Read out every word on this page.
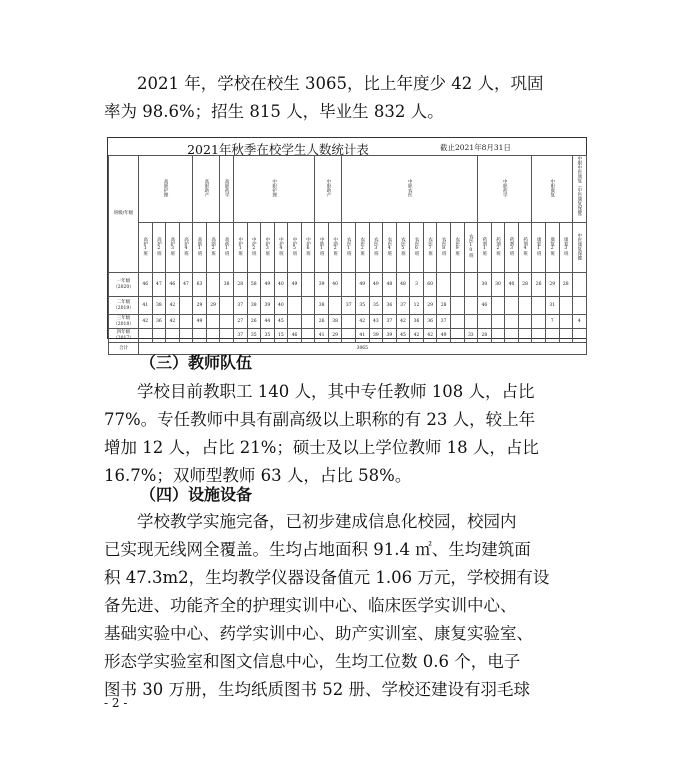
2021 年，学校在校生 3065，比上年度少 42 人，巩固
率为 98.6%；招生 815 人，毕业生 832 人。

2021年秋季在校学生人数统计表	截止2021年8月31日
班级/年级	高职护理				高职助产		高职药学	中职护理						中职助产		中职农医										中职药学				中职康复			中职中医康复（中医康复保健）
	高护1班	高护2班	高护3班	高护4班	高助1班	高助2班	高药1班	中护1班	中护2班	中护3班	中护4班	中护5班	中护6班	中助1班	中助2班	农医1班	农医2班	农医3班	农医4班	农医5班	农医6班	农医7班	农医8班	农医9班	农医10班	药剂1班	药剂2班	药剂3班	药剂4班	康复1班	康复2班	康复3班	中医康复保健
一年级（2020）	46	47	46	47	63		38	28	58	49	40	49		39	40		49	49	48	48	3	60				30	30	40	28	26	29	28	
二年级（2019）	41	38	42		29	29		37	38	39	40			38		37	35	35	36	37	12	29	28			46					31		
三年级（2018）	42	36	42		49			27	26	44	45			26	38		42	43	37	42	36	36	37								7		4
四年级（2017）								37	35	35	15	46		41	29		41	39	39	45	42	42	49		33	28							
合计	3065																																

（三）教师队伍

学校目前教职工 140 人，其中专任教师 108 人，占比
77%。专任教师中具有副高级以上职称的有 23 人，较上年
增加 12 人，占比 21%；硕士及以上学位教师 18 人，占比
16.7%；双师型教师 63 人，占比 58%。

（四）设施设备

学校教学实施完备，已初步建成信息化校园，校园内
已实现无线网全覆盖。生均占地面积 91.4 ㎡、生均建筑面
积 47.3m2，生均教学仪器设备值元 1.06 万元，学校拥有设
备先进、功能齐全的护理实训中心、临床医学实训中心、
基础实验中心、药学实训中心、助产实训室、康复实验室、
形态学实验室和图文信息中心，生均工位数 0.6 个，电子
图书 30 万册，生均纸质图书 52 册、学校还建设有羽毛球

- 2 -
